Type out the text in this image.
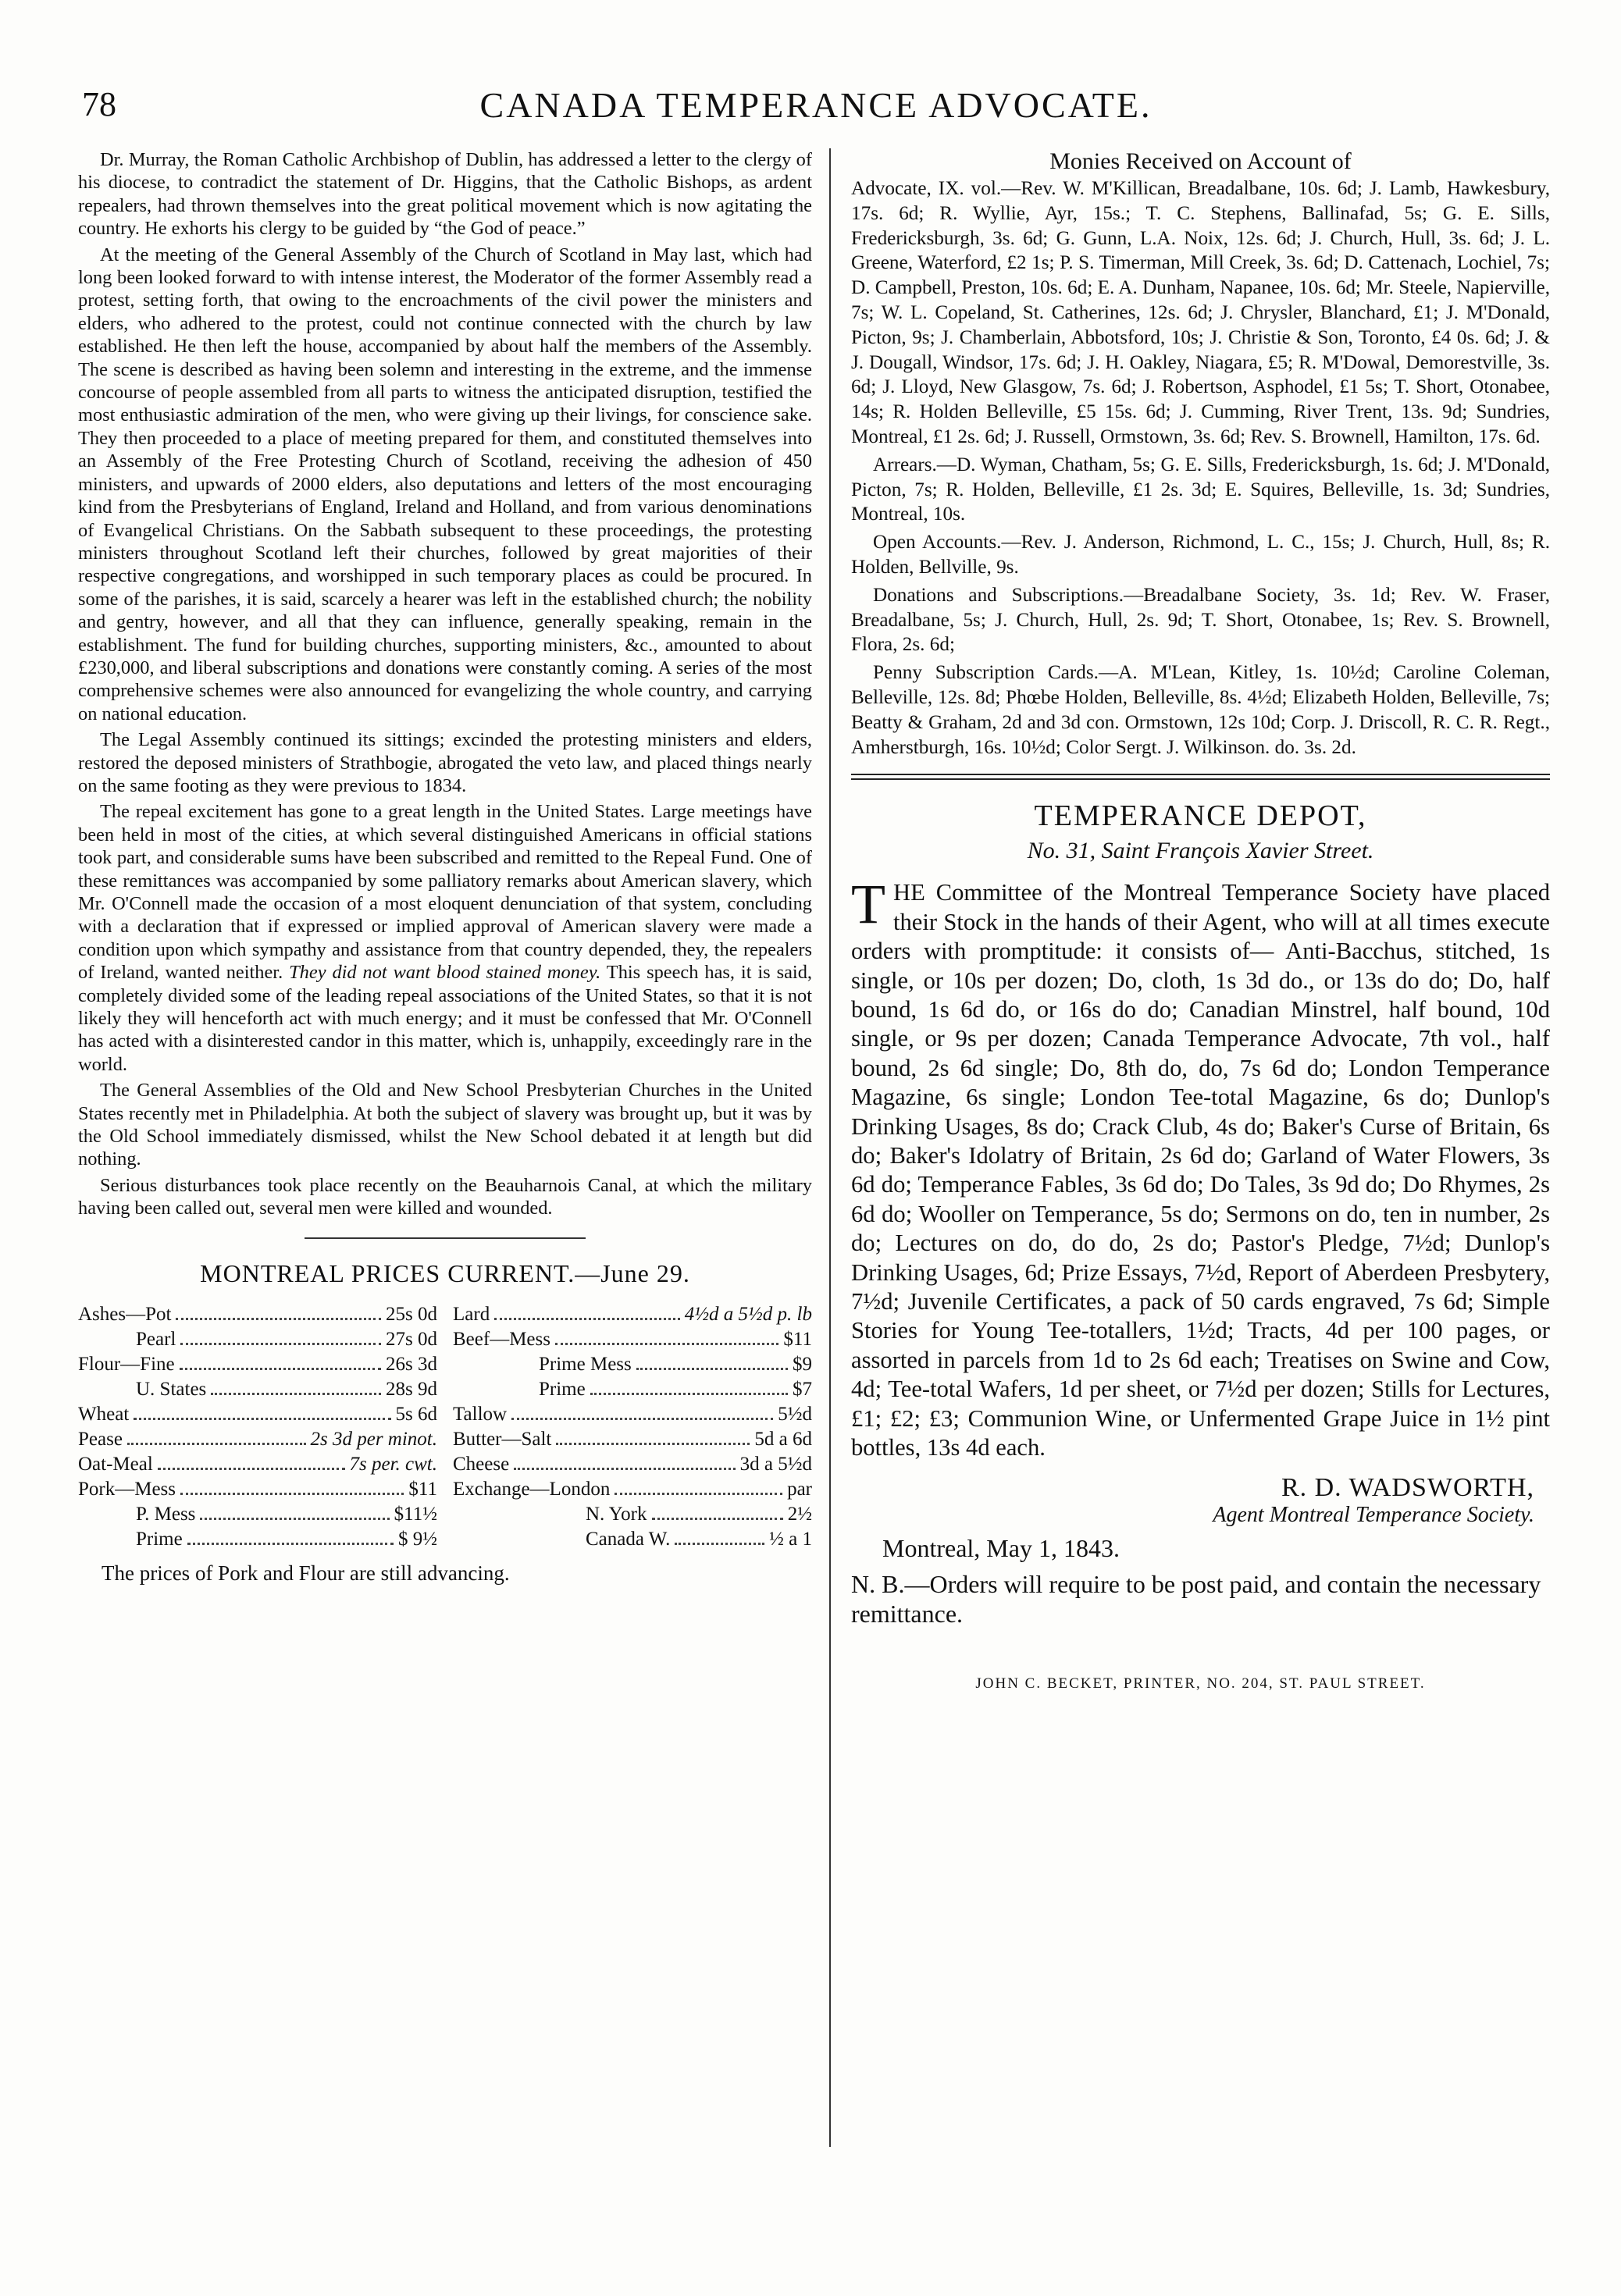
78	CANADA TEMPERANCE ADVOCATE.

Dr. Murray, the Roman Catholic Archbishop of Dublin, has addressed a letter to the clergy of his diocese, to contradict the statement of Dr. Higgins, that the Catholic Bishops, as ardent repealers, had thrown themselves into the great political movement which is now agitating the country. He exhorts his clergy to be guided by “the God of peace.”

At the meeting of the General Assembly of the Church of Scotland in May last, which had long been looked forward to with intense interest, the Moderator of the former Assembly read a protest, setting forth, that owing to the encroachments of the civil power the ministers and elders, who adhered to the protest, could not continue connected with the church by law established. He then left the house, accompanied by about half the members of the Assembly. The scene is described as having been solemn and interesting in the extreme, and the immense concourse of people assembled from all parts to witness the anticipated disruption, testified the most enthusiastic admiration of the men, who were giving up their livings, for conscience sake. They then proceeded to a place of meeting prepared for them, and constituted themselves into an Assembly of the Free Protesting Church of Scotland, receiving the adhesion of 450 ministers, and upwards of 2000 elders, also deputations and letters of the most encouraging kind from the Presbyterians of England, Ireland and Holland, and from various denominations of Evangelical Christians. On the Sabbath subsequent to these proceedings, the protesting ministers throughout Scotland left their churches, followed by great majorities of their respective congregations, and worshipped in such temporary places as could be procured. In some of the parishes, it is said, scarcely a hearer was left in the established church; the nobility and gentry, however, and all that they can influence, generally speaking, remain in the establishment. The fund for building churches, supporting ministers, &c., amounted to about £230,000, and liberal subscriptions and donations were constantly coming. A series of the most comprehensive schemes were also announced for evangelizing the whole country, and carrying on national education.

The Legal Assembly continued its sittings; excinded the protesting ministers and elders, restored the deposed ministers of Strathbogie, abrogated the veto law, and placed things nearly on the same footing as they were previous to 1834.

The repeal excitement has gone to a great length in the United States. Large meetings have been held in most of the cities, at which several distinguished Americans in official stations took part, and considerable sums have been subscribed and remitted to the Repeal Fund. One of these remittances was accompanied by some palliatory remarks about American slavery, which Mr. O'Connell made the occasion of a most eloquent denunciation of that system, concluding with a declaration that if expressed or implied approval of American slavery were made a condition upon which sympathy and assistance from that country depended, they, the repealers of Ireland, wanted neither. They did not want blood stained money. This speech has, it is said, completely divided some of the leading repeal associations of the United States, so that it is not likely they will henceforth act with much energy; and it must be confessed that Mr. O'Connell has acted with a disinterested candor in this matter, which is, unhappily, exceedingly rare in the world.

The General Assemblies of the Old and New School Presbyterian Churches in the United States recently met in Philadelphia. At both the subject of slavery was brought up, but it was by the Old School immediately dismissed, whilst the New School debated it at length but did nothing.

Serious disturbances took place recently on the Beauharnois Canal, at which the military having been called out, several men were killed and wounded.

MONTREAL PRICES CURRENT.—June 29.
Ashes—Pot	25s 0d
Pearl	27s 0d
Flour—Fine	26s 3d
U. States	28s 9d
Wheat	5s 6d
Pease	2s 3d per minot.
Oat-Meal	7s per. cwt.
Pork—Mess	$11
P. Mess	$11½
Prime	$ 9½
Lard	4½d a 5½d p. lb
Beef—Mess	$11
Prime Mess	$9
Prime	$7
Tallow	5½d
Butter—Salt	5d a 6d
Cheese	3d a 5½d
Exchange—London	par
N. York	2½
Canada W.	½ a 1
The prices of Pork and Flour are still advancing.
Monies Received on Account of

Advocate, IX. vol.—Rev. W. M'Killican, Breadalbane, 10s. 6d; J. Lamb, Hawkesbury, 17s. 6d; R. Wyllie, Ayr, 15s.; T. C. Stephens, Ballinafad, 5s; G. E. Sills, Fredericksburgh, 3s. 6d; G. Gunn, L.A. Noix, 12s. 6d; J. Church, Hull, 3s. 6d; J. L. Greene, Waterford, £2 1s; P. S. Timerman, Mill Creek, 3s. 6d; D. Cattenach, Lochiel, 7s; D. Campbell, Preston, 10s. 6d; E. A. Dunham, Napanee, 10s. 6d; Mr. Steele, Napierville, 7s; W. L. Copeland, St. Catherines, 12s. 6d; J. Chrysler, Blanchard, £1; J. M'Donald, Picton, 9s; J. Chamberlain, Abbotsford, 10s; J. Christie & Son, Toronto, £4 0s. 6d; J. & J. Dougall, Windsor, 17s. 6d; J. H. Oakley, Niagara, £5; R. M'Dowal, Demorestville, 3s. 6d; J. Lloyd, New Glasgow, 7s. 6d; J. Robertson, Asphodel, £1 5s; T. Short, Otonabee, 14s; R. Holden Belleville, £5 15s. 6d; J. Cumming, River Trent, 13s. 9d; Sundries, Montreal, £1 2s. 6d; J. Russell, Ormstown, 3s. 6d; Rev. S. Brownell, Hamilton, 17s. 6d.

Arrears.—D. Wyman, Chatham, 5s; G. E. Sills, Fredericksburgh, 1s. 6d; J. M'Donald, Picton, 7s; R. Holden, Belleville, £1 2s. 3d; E. Squires, Belleville, 1s. 3d; Sundries, Montreal, 10s.

Open Accounts.—Rev. J. Anderson, Richmond, L. C., 15s; J. Church, Hull, 8s; R. Holden, Bellville, 9s.

Donations and Subscriptions.—Breadalbane Society, 3s. 1d; Rev. W. Fraser, Breadalbane, 5s; J. Church, Hull, 2s. 9d; T. Short, Otonabee, 1s; Rev. S. Brownell, Flora, 2s. 6d;

Penny Subscription Cards.—A. M'Lean, Kitley, 1s. 10½d; Caroline Coleman, Belleville, 12s. 8d; Phœbe Holden, Belleville, 8s. 4½d; Elizabeth Holden, Belleville, 7s; Beatty & Graham, 2d and 3d con. Ormstown, 12s 10d; Corp. J. Driscoll, R. C. R. Regt., Amherstburgh, 16s. 10½d; Color Sergt. J. Wilkinson. do. 3s. 2d.

TEMPERANCE DEPOT,
No. 31, Saint François Xavier Street.

THE Committee of the Montreal Temperance Society have placed their Stock in the hands of their Agent, who will at all times execute orders with promptitude: it consists of— Anti-Bacchus, stitched, 1s single, or 10s per dozen; Do, cloth, 1s 3d do., or 13s do do; Do, half bound, 1s 6d do, or 16s do do; Canadian Minstrel, half bound, 10d single, or 9s per dozen; Canada Temperance Advocate, 7th vol., half bound, 2s 6d single; Do, 8th do, do, 7s 6d do; London Temperance Magazine, 6s single; London Tee-total Magazine, 6s do; Dunlop's Drinking Usages, 8s do; Crack Club, 4s do; Baker's Curse of Britain, 6s do; Baker's Idolatry of Britain, 2s 6d do; Garland of Water Flowers, 3s 6d do; Temperance Fables, 3s 6d do; Do Tales, 3s 9d do; Do Rhymes, 2s 6d do; Wooller on Temperance, 5s do; Sermons on do, ten in number, 2s do; Lectures on do, do do, 2s do; Pastor's Pledge, 7½d; Dunlop's Drinking Usages, 6d; Prize Essays, 7½d, Report of Aberdeen Presbytery, 7½d; Juvenile Certificates, a pack of 50 cards engraved, 7s 6d; Simple Stories for Young Tee-totallers, 1½d; Tracts, 4d per 100 pages, or assorted in parcels from 1d to 2s 6d each; Treatises on Swine and Cow, 4d; Tee-total Wafers, 1d per sheet, or 7½d per dozen; Stills for Lectures, £1; £2; £3; Communion Wine, or Unfermented Grape Juice in 1½ pint bottles, 13s 4d each.

R. D. WADSWORTH,
Agent Montreal Temperance Society.
Montreal, May 1, 1843.

N. B.—Orders will require to be post paid, and contain the necessary remittance.

JOHN C. BECKET, PRINTER, NO. 204, ST. PAUL STREET.
